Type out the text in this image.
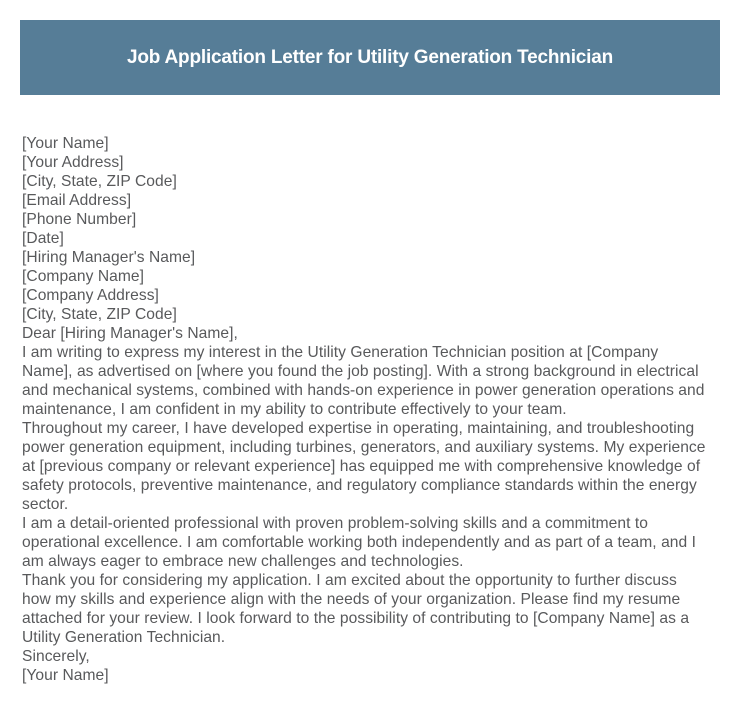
Job Application Letter for Utility Generation Technician
[Your Name]
[Your Address]
[City, State, ZIP Code]
[Email Address]
[Phone Number]
[Date]
[Hiring Manager's Name]
[Company Name]
[Company Address]
[City, State, ZIP Code]
Dear [Hiring Manager's Name],
I am writing to express my interest in the Utility Generation Technician position at [Company
Name], as advertised on [where you found the job posting]. With a strong background in electrical
and mechanical systems, combined with hands-on experience in power generation operations and
maintenance, I am confident in my ability to contribute effectively to your team.
Throughout my career, I have developed expertise in operating, maintaining, and troubleshooting
power generation equipment, including turbines, generators, and auxiliary systems. My experience
at [previous company or relevant experience] has equipped me with comprehensive knowledge of
safety protocols, preventive maintenance, and regulatory compliance standards within the energy
sector.
I am a detail-oriented professional with proven problem-solving skills and a commitment to
operational excellence. I am comfortable working both independently and as part of a team, and I
am always eager to embrace new challenges and technologies.
Thank you for considering my application. I am excited about the opportunity to further discuss
how my skills and experience align with the needs of your organization. Please find my resume
attached for your review. I look forward to the possibility of contributing to [Company Name] as a
Utility Generation Technician.
Sincerely,
[Your Name]
